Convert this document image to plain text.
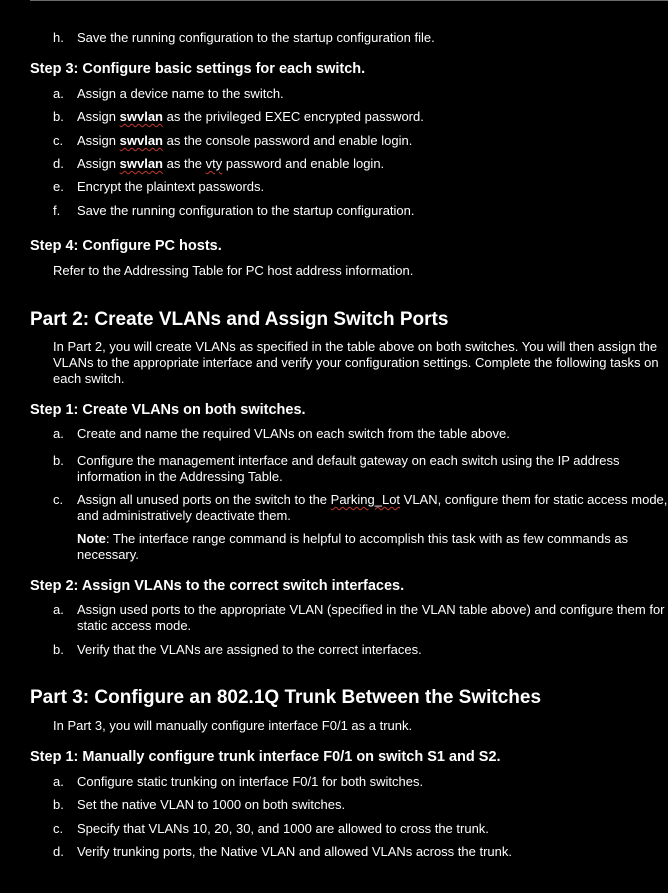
h. Save the running configuration to the startup configuration file.
Step 3: Configure basic settings for each switch.
a. Assign a device name to the switch.
b. Assign swvlan as the privileged EXEC encrypted password.
c. Assign swvlan as the console password and enable login.
d. Assign swvlan as the vty password and enable login.
e. Encrypt the plaintext passwords.
f. Save the running configuration to the startup configuration.
Step 4: Configure PC hosts.
Refer to the Addressing Table for PC host address information.
Part 2: Create VLANs and Assign Switch Ports
In Part 2, you will create VLANs as specified in the table above on both switches. You will then assign the
VLANs to the appropriate interface and verify your configuration settings. Complete the following tasks on
each switch.
Step 1: Create VLANs on both switches.
a. Create and name the required VLANs on each switch from the table above.
b. Configure the management interface and default gateway on each switch using the IP address
information in the Addressing Table.
c. Assign all unused ports on the switch to the Parking_Lot VLAN, configure them for static access mode,
and administratively deactivate them.
Note: The interface range command is helpful to accomplish this task with as few commands as
necessary.
Step 2: Assign VLANs to the correct switch interfaces.
a. Assign used ports to the appropriate VLAN (specified in the VLAN table above) and configure them for
static access mode.
b. Verify that the VLANs are assigned to the correct interfaces.
Part 3: Configure an 802.1Q Trunk Between the Switches
In Part 3, you will manually configure interface F0/1 as a trunk.
Step 1: Manually configure trunk interface F0/1 on switch S1 and S2.
a. Configure static trunking on interface F0/1 for both switches.
b. Set the native VLAN to 1000 on both switches.
c. Specify that VLANs 10, 20, 30, and 1000 are allowed to cross the trunk.
d. Verify trunking ports, the Native VLAN and allowed VLANs across the trunk.
